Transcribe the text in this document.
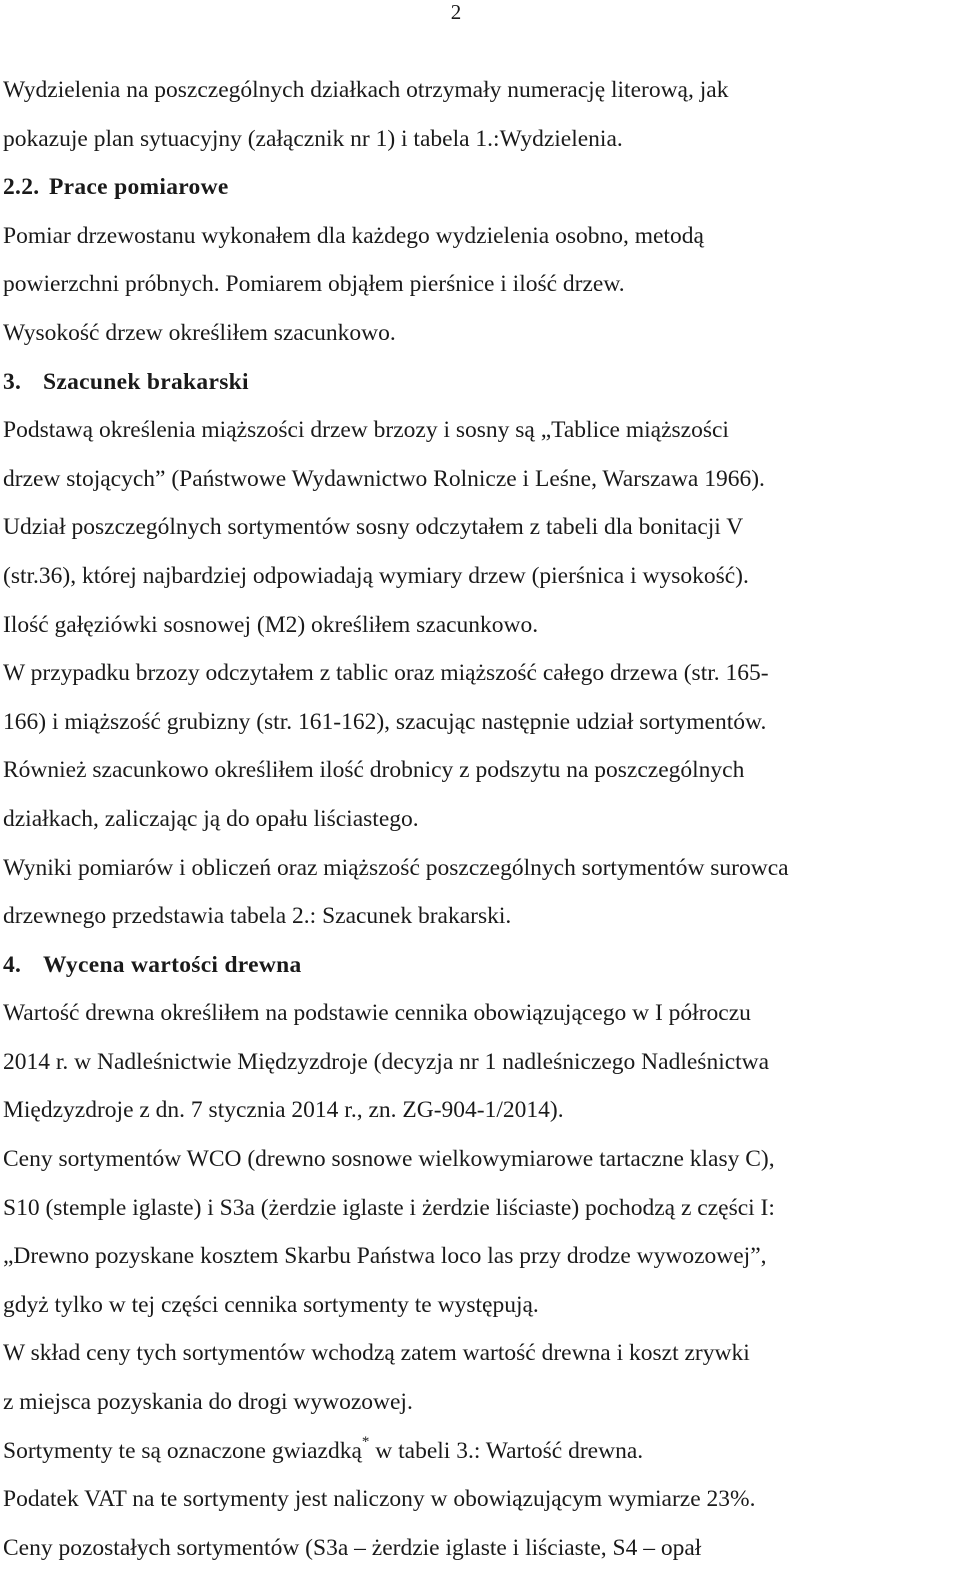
2
Wydzielenia na poszczególnych działkach otrzymały numerację literową, jak
pokazuje plan sytuacyjny (załącznik nr 1) i tabela 1.:Wydzielenia.
2.2. Prace pomiarowe
Pomiar drzewostanu wykonałem dla każdego wydzielenia osobno, metodą
powierzchni próbnych. Pomiarem objąłem pierśnice i ilość drzew.
Wysokość drzew określiłem szacunkowo.
3. Szacunek brakarski
Podstawą określenia miąższości drzew brzozy i sosny są „Tablice miąższości
drzew stojących” (Państwowe Wydawnictwo Rolnicze i Leśne, Warszawa 1966).
Udział poszczególnych sortymentów sosny odczytałem z tabeli dla bonitacji V
(str.36), której najbardziej odpowiadają wymiary drzew (pierśnica i wysokość).
Ilość gałęziówki sosnowej (M2) określiłem szacunkowo.
W przypadku brzozy odczytałem z tablic oraz miąższość całego drzewa (str. 165-
166) i miąższość grubizny (str. 161-162), szacując następnie udział sortymentów.
Również szacunkowo określiłem ilość drobnicy z podszytu na poszczególnych
działkach, zaliczając ją do opału liściastego.
Wyniki pomiarów i obliczeń oraz miąższość poszczególnych sortymentów surowca
drzewnego przedstawia tabela 2.: Szacunek brakarski.
4. Wycena wartości drewna
Wartość drewna określiłem na podstawie cennika obowiązującego w I półroczu
2014 r. w Nadleśnictwie Międzyzdroje (decyzja nr 1 nadleśniczego Nadleśnictwa
Międzyzdroje z dn. 7 stycznia 2014 r., zn. ZG-904-1/2014).
Ceny sortymentów WCO (drewno sosnowe wielkowymiarowe tartaczne klasy C),
S10 (stemple iglaste) i S3a (żerdzie iglaste i żerdzie liściaste) pochodzą z części I:
„Drewno pozyskane kosztem Skarbu Państwa loco las przy drodze wywozowej”,
gdyż tylko w tej części cennika sortymenty te występują.
W skład ceny tych sortymentów wchodzą zatem wartość drewna i koszt zrywki
z miejsca pozyskania do drogi wywozowej.
Sortymenty te są oznaczone gwiazdką* w tabeli 3.: Wartość drewna.
Podatek VAT na te sortymenty jest naliczony w obowiązującym wymiarze 23%.
Ceny pozostałych sortymentów (S3a – żerdzie iglaste i liściaste, S4 – opał
